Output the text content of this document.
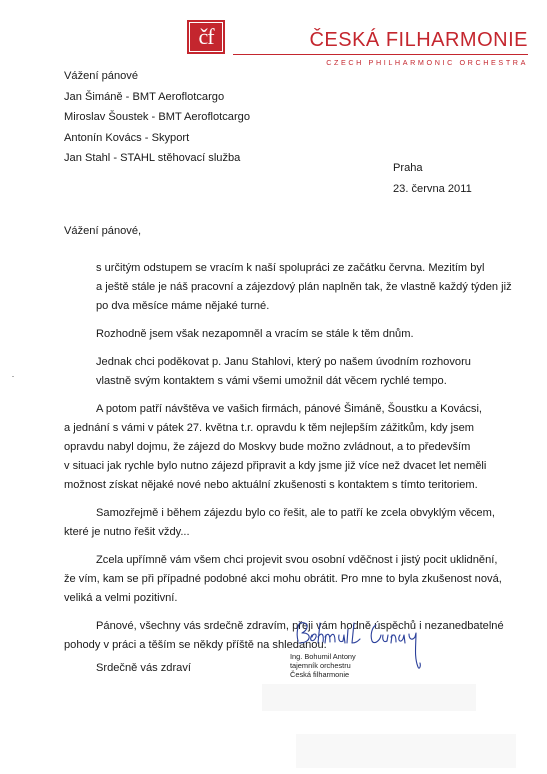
čf	ČESKÁ FILHARMONIE
CZECH PHILHARMONIC ORCHESTRA
Vážení pánové
Jan Šimáně - BMT Aeroflotcargo
Miroslav Šoustek - BMT Aeroflotcargo
Antonín Kovács - Skyport
Jan Stahl - STAHL stěhovací služba
Praha
23. června 2011
Vážení pánové,
s určitým odstupem se vracím k naší spolupráci ze začátku června. Mezitím byl
a ještě stále je náš pracovní a zájezdový plán naplněn tak, že vlastně každý týden již
po dva měsíce máme nějaké turné.
Rozhodně jsem však nezapomněl a vracím se stále k těm dnům.
Jednak chci poděkovat p. Janu Stahlovi, který po našem úvodním rozhovoru
vlastně svým kontaktem s vámi všemi umožnil dát věcem rychlé tempo.
A potom patří návštěva ve vašich firmách, pánové Šimáně, Šoustku a Kovácsi,
a jednání s vámi v pátek 27. května t.r. opravdu k těm nejlepším zážitkům, kdy jsem
opravdu nabyl dojmu, že zájezd do Moskvy bude možno zvládnout, a to především
v situaci jak rychle bylo nutno zájezd připravit a kdy jsme již více než dvacet let neměli
možnost získat nějaké nové nebo aktuální zkušenosti s kontaktem s tímto teritoriem.
Samozřejmě i během zájezdu bylo co řešit, ale to patří ke zcela obvyklým věcem,
které je nutno řešit vždy...
Zcela upřímně vám všem chci projevit svou osobní vděčnost i jistý pocit uklidnění,
že vím, kam se při případné podobné akci mohu obrátit. Pro mne to byla zkušenost nová,
veliká a velmi pozitivní.
Pánové, všechny vás srdečně zdravím, přeji vám hodně úspěchů i nezanedbatelné
pohody v práci a těším se někdy příště na shledanou.
Srdečně vás zdraví
Ing. Bohumil Antony
tajemník orchestru
Česká filharmonie
